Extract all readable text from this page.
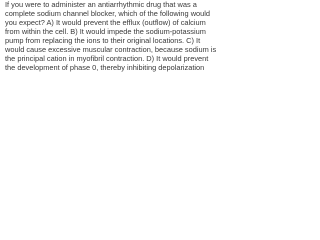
If you were to administer an antiarrhythmic drug that was a
complete sodium channel blocker, which of the following would
you expect? A) It would prevent the efflux (outflow) of calcium
from within the cell. B) It would impede the sodium-potassium
pump from replacing the ions to their original locations. C) It
would cause excessive muscular contraction, because sodium is
the principal cation in myofibril contraction. D) It would prevent
the development of phase 0, thereby inhibiting depolarization
